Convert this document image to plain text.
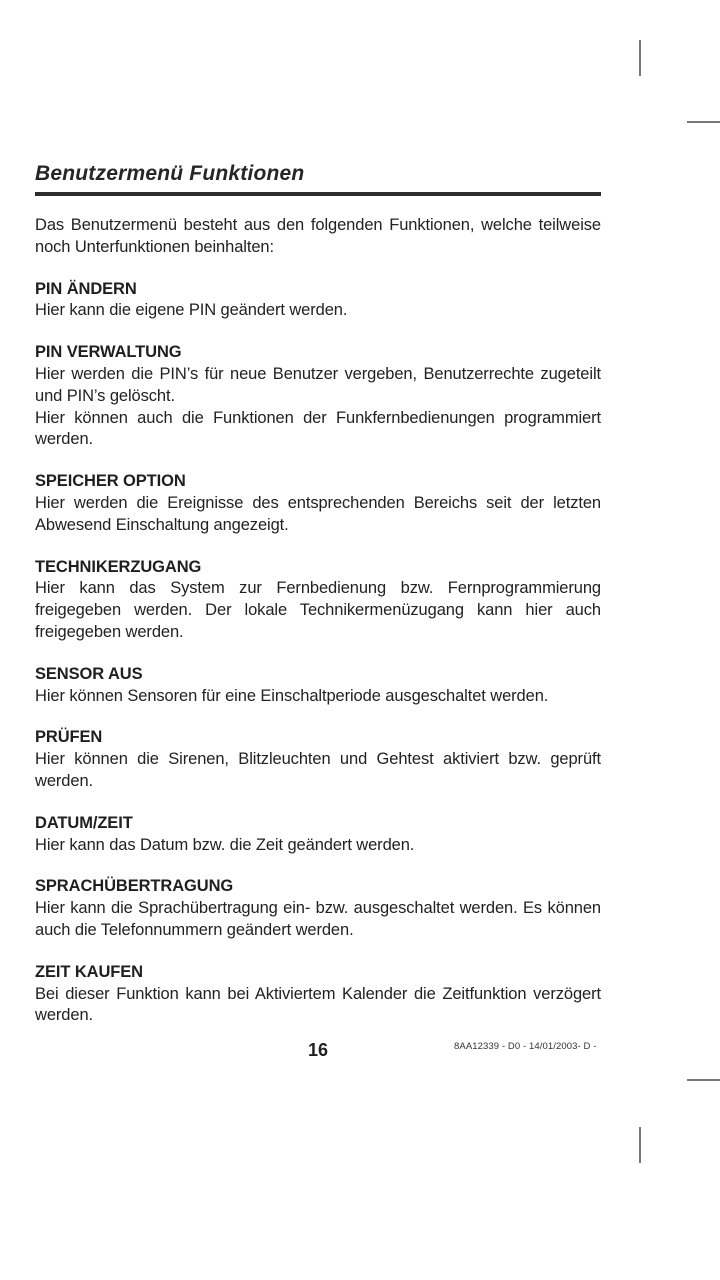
Benutzermenü Funktionen

Das Benutzermenü besteht aus den folgenden Funktionen, welche teilweise noch Unterfunktionen beinhalten:

PIN ÄNDERN

Hier kann die eigene PIN geändert werden.

PIN VERWALTUNG

Hier werden die PIN’s für neue Benutzer vergeben, Benutzerrechte zugeteilt und PIN’s gelöscht.

Hier können auch die Funktionen der Funkfernbedienungen programmiert werden.

SPEICHER OPTION

Hier werden die Ereignisse des entsprechenden Bereichs seit der letzten Abwesend Einschaltung angezeigt.

TECHNIKERZUGANG

Hier kann das System zur Fernbedienung bzw. Fernprogrammierung freigegeben werden. Der lokale Technikermenüzugang kann hier auch freigegeben werden.

SENSOR AUS

Hier können Sensoren für eine Einschaltperiode ausgeschaltet werden.

PRÜFEN

Hier können die Sirenen, Blitzleuchten und Gehtest aktiviert bzw. geprüft werden.

DATUM/ZEIT

Hier kann das Datum bzw. die Zeit geändert werden.

SPRACHÜBERTRAGUNG

Hier kann die Sprachübertragung ein- bzw. ausgeschaltet werden. Es können auch die Telefonnummern geändert werden.

ZEIT KAUFEN

Bei dieser Funktion kann bei Aktiviertem Kalender die Zeitfunktion verzögert werden.

16	8AA12339 - D0 - 14/01/2003- D -
